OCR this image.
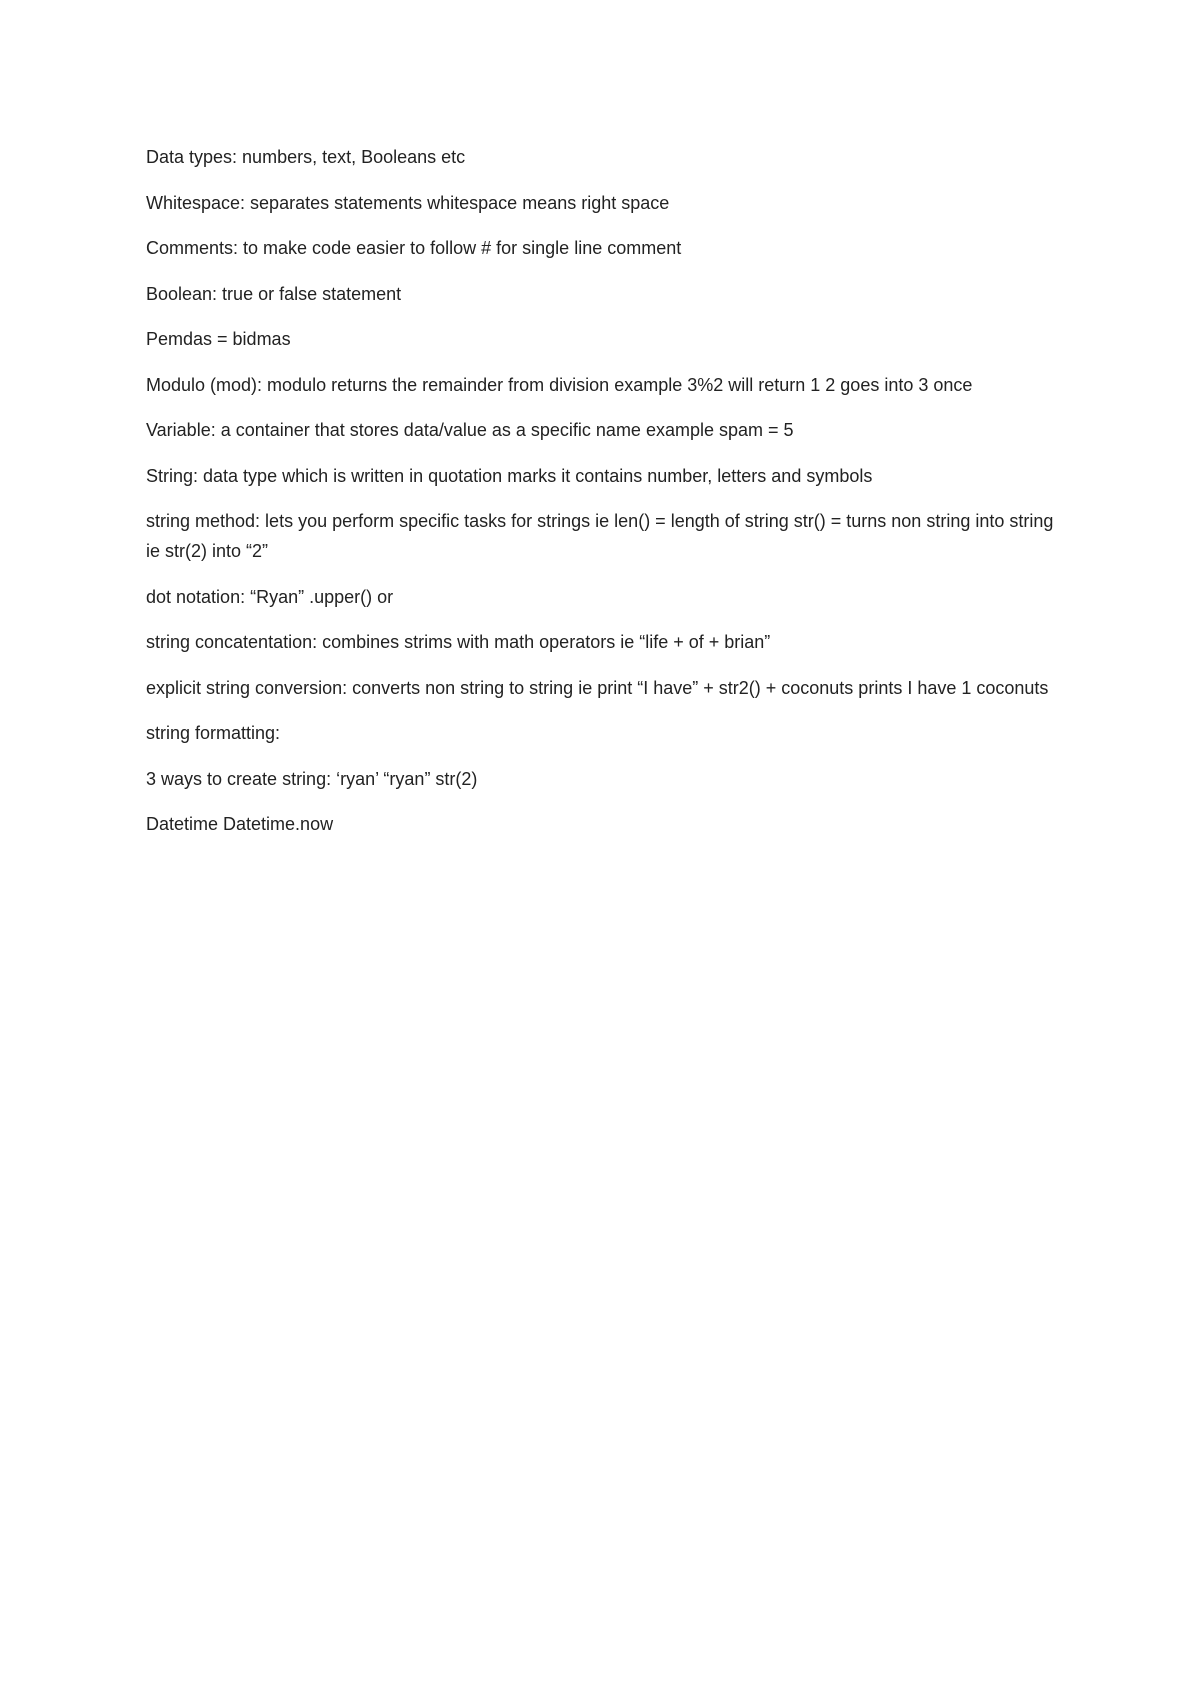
Data types: numbers, text, Booleans etc
Whitespace: separates statements whitespace means right space
Comments: to make code easier to follow # for single line comment
Boolean: true or false statement
Pemdas = bidmas
Modulo (mod): modulo returns the remainder from division example 3%2 will return 1 2 goes into 3 once
Variable: a container that stores data/value as a specific name example spam = 5
String: data type which is written in quotation marks it contains number, letters and symbols
string method: lets you perform specific tasks for strings ie len() = length of string str() = turns non string into string ie str(2) into “2”
dot notation: “Ryan” .upper() or
string concatentation: combines strims with math operators ie “life + of + brian”
explicit string conversion: converts non string to string ie print “I have” + str2() + coconuts prints I have 1 coconuts
string formatting:
3 ways to create string: ‘ryan’ “ryan” str(2)
Datetime Datetime.now
